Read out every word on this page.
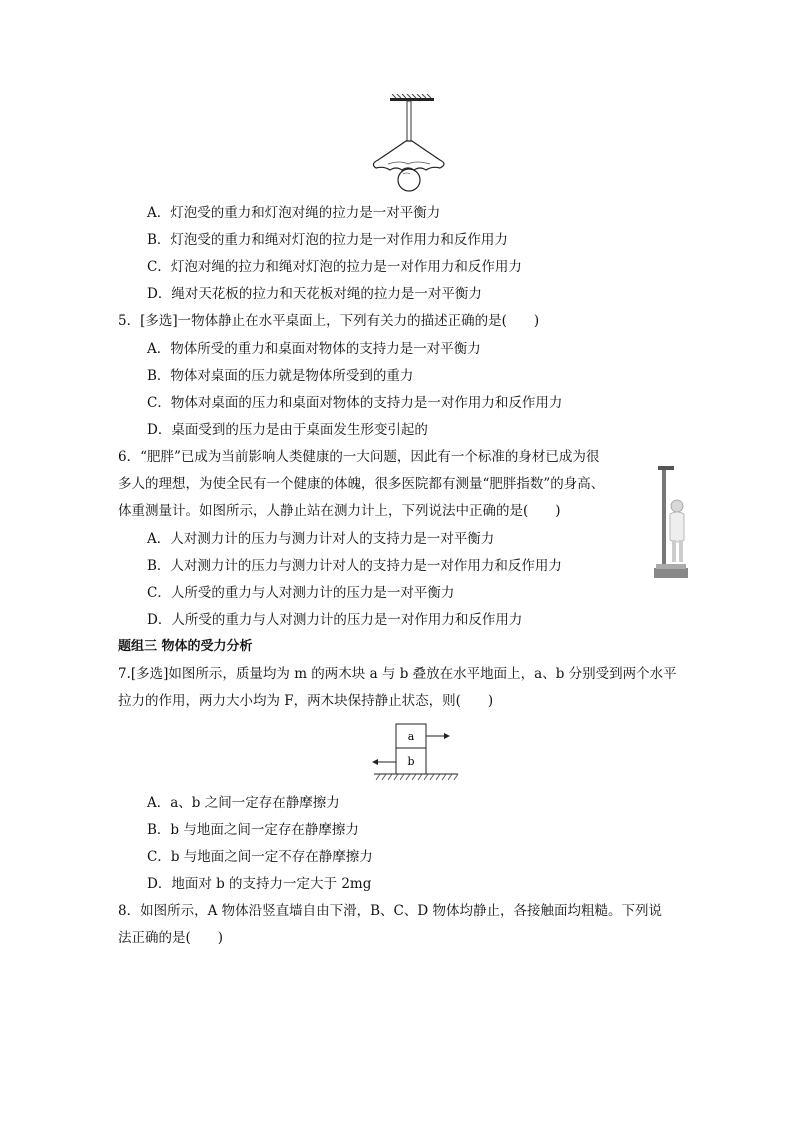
A．灯泡受的重力和灯泡对绳的拉力是一对平衡力
B．灯泡受的重力和绳对灯泡的拉力是一对作用力和反作用力
C．灯泡对绳的拉力和绳对灯泡的拉力是一对作用力和反作用力
D．绳对天花板的拉力和天花板对绳的拉力是一对平衡力
5．[多选]一物体静止在水平桌面上，下列有关力的描述正确的是(　　)
A．物体所受的重力和桌面对物体的支持力是一对平衡力
B．物体对桌面的压力就是物体所受到的重力
C．物体对桌面的压力和桌面对物体的支持力是一对作用力和反作用力
D．桌面受到的压力是由于桌面发生形变引起的
6．“肥胖”已成为当前影响人类健康的一大问题，因此有一个标准的身材已成为很
多人的理想，为使全民有一个健康的体魄，很多医院都有测量“肥胖指数”的身高、
体重测量计。如图所示，人静止站在测力计上，下列说法中正确的是(　　)
A．人对测力计的压力与测力计对人的支持力是一对平衡力
B．人对测力计的压力与测力计对人的支持力是一对作用力和反作用力
C．人所受的重力与人对测力计的压力是一对平衡力
D．人所受的重力与人对测力计的压力是一对作用力和反作用力
题组三 物体的受力分析
7.[多选]如图所示，质量均为 m 的两木块 a 与 b 叠放在水平地面上，a、b 分别受到两个水平
拉力的作用，两力大小均为 F，两木块保持静止状态，则(　　)
a
b
A．a、b 之间一定存在静摩擦力
B．b 与地面之间一定存在静摩擦力
C．b 与地面之间一定不存在静摩擦力
D．地面对 b 的支持力一定大于 2mg
8．如图所示，A 物体沿竖直墙自由下滑，B、C、D 物体均静止，各接触面均粗糙。下列说
法正确的是(　　)
